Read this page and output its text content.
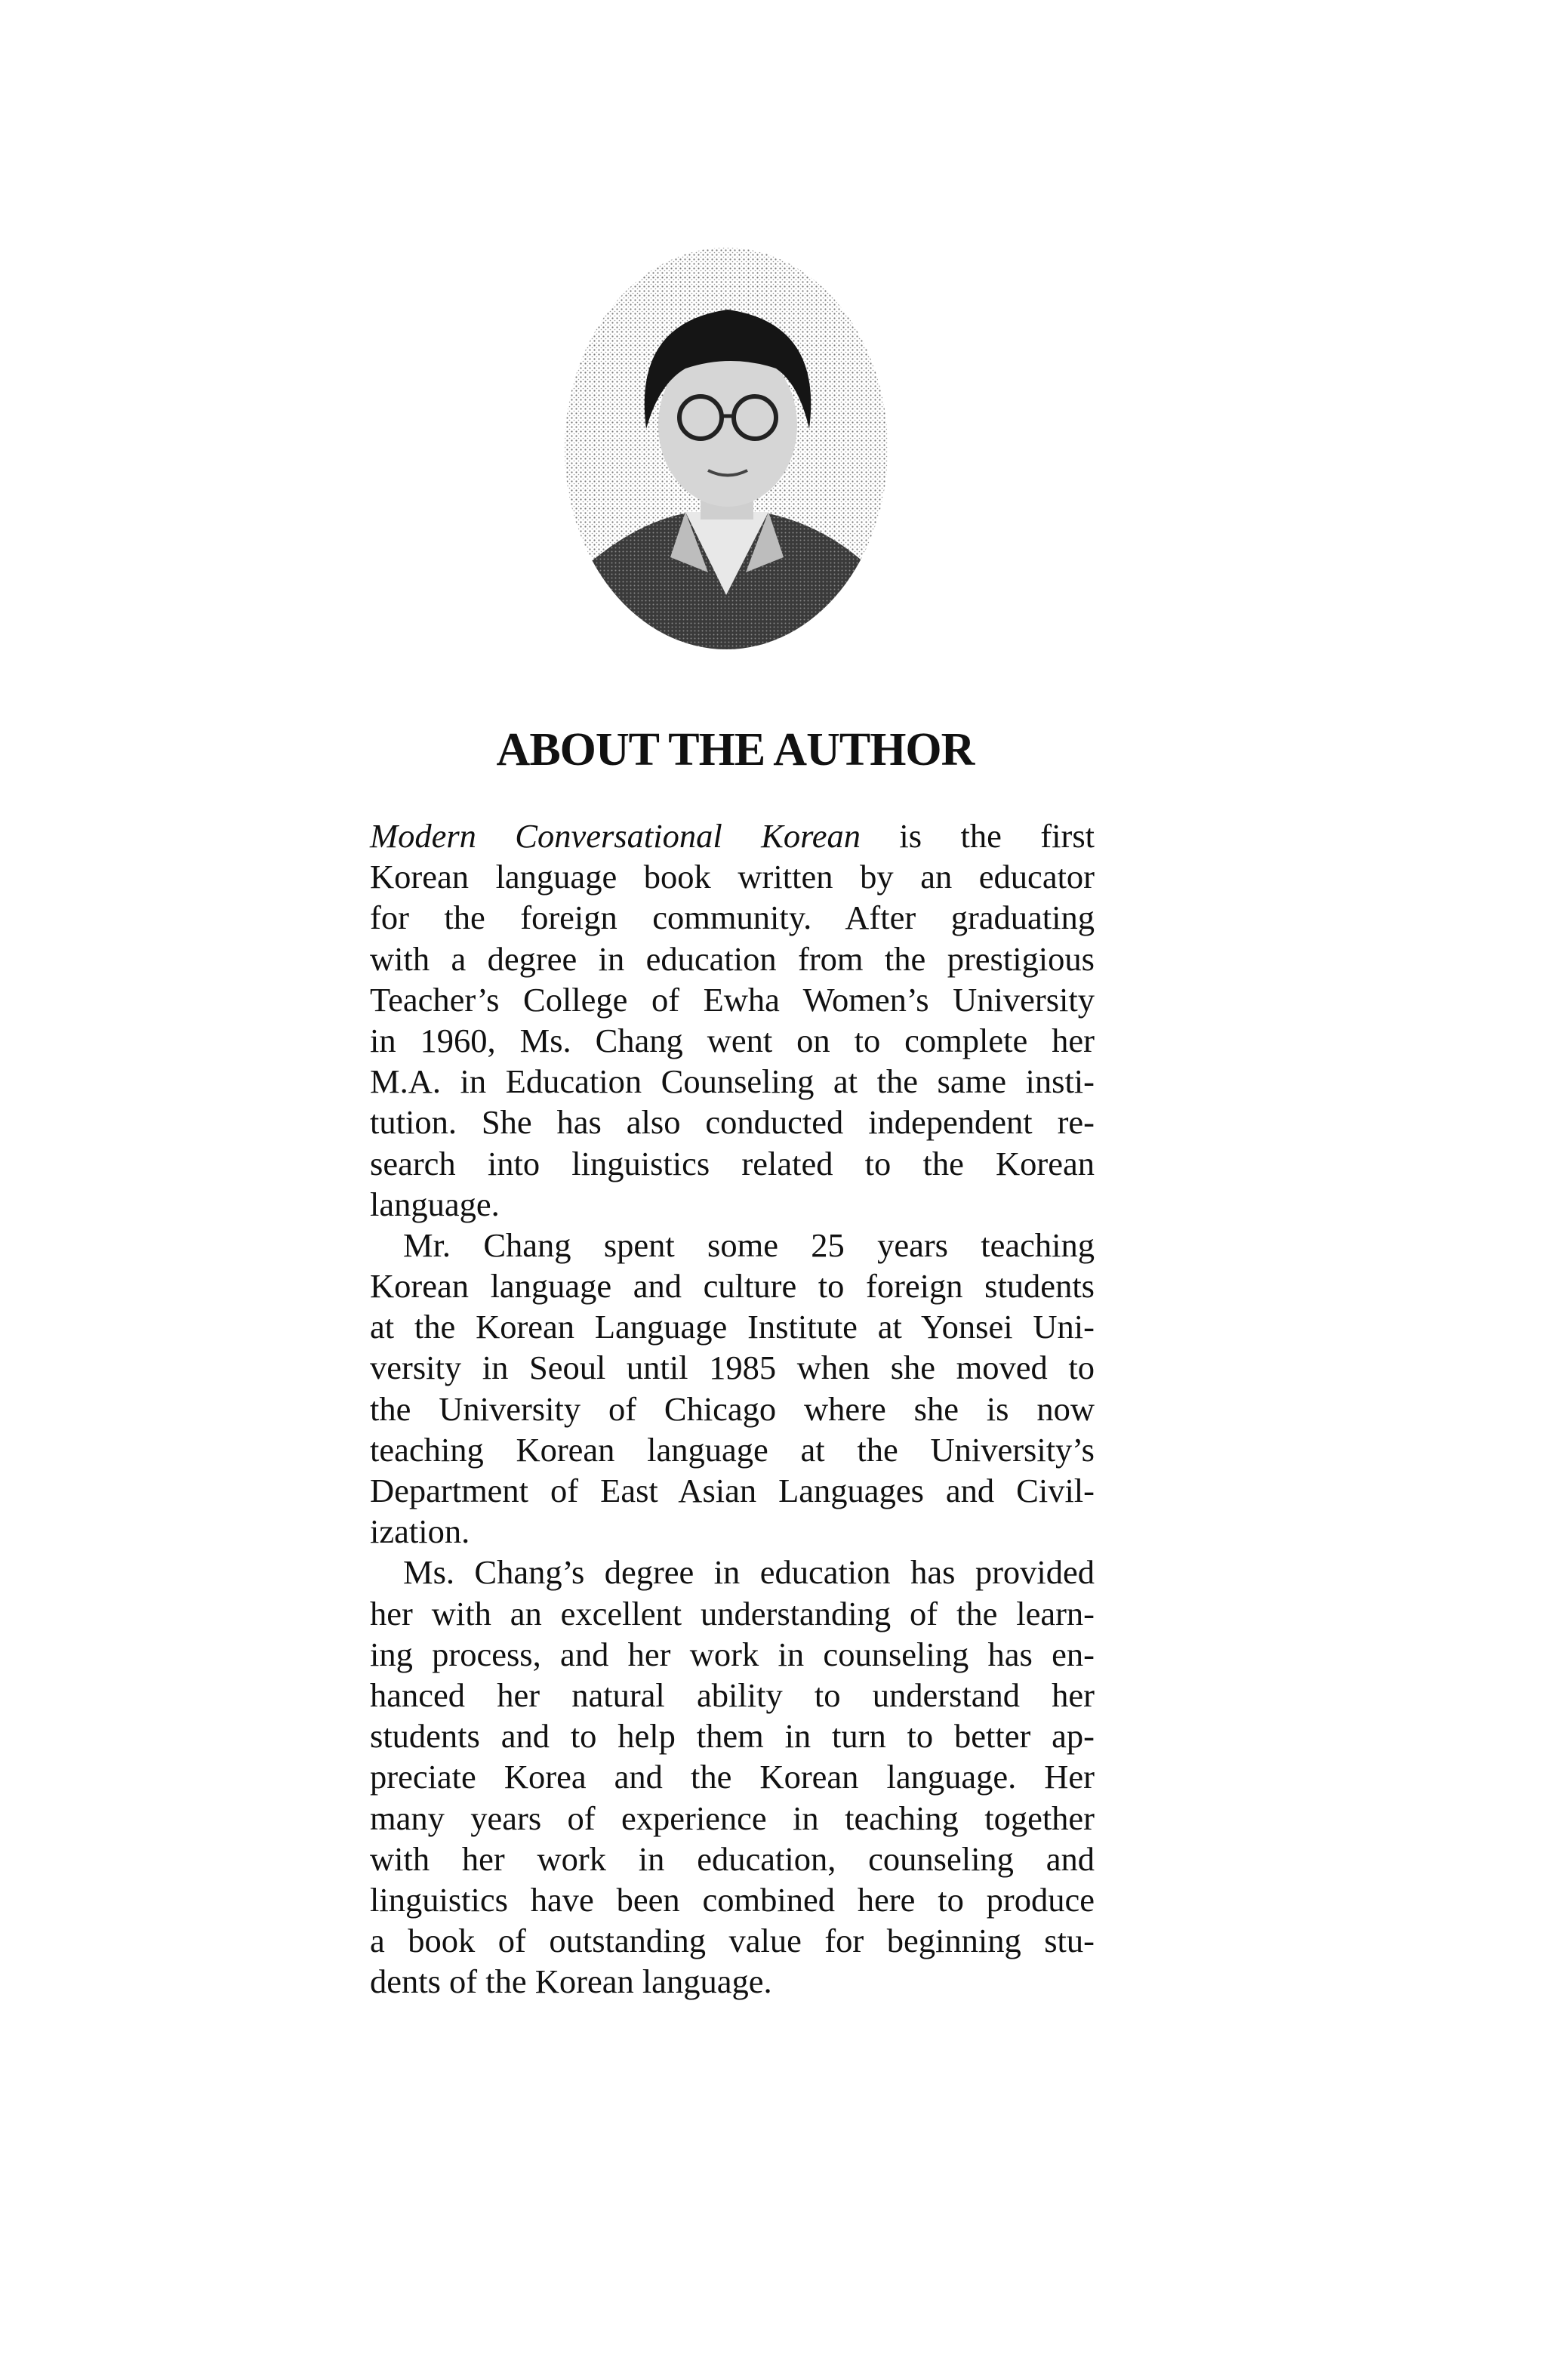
ABOUT THE AUTHOR
Modern Conversational Korean is the first
Korean language book written by an educator
for the foreign community. After graduating
with a degree in education from the prestigious
Teacher’s College of Ewha Women’s University
in 1960, Ms. Chang went on to complete her
M.A. in Education Counseling at the same insti-
tution. She has also conducted independent re-
search into linguistics related to the Korean
language.
Mr. Chang spent some 25 years teaching
Korean language and culture to foreign students
at the Korean Language Institute at Yonsei Uni-
versity in Seoul until 1985 when she moved to
the University of Chicago where she is now
teaching Korean language at the University’s
Department of East Asian Languages and Civil-
ization.
Ms. Chang’s degree in education has provided
her with an excellent understanding of the learn-
ing process, and her work in counseling has en-
hanced her natural ability to understand her
students and to help them in turn to better ap-
preciate Korea and the Korean language. Her
many years of experience in teaching together
with her work in education, counseling and
linguistics have been combined here to produce
a book of outstanding value for beginning stu-
dents of the Korean language.
